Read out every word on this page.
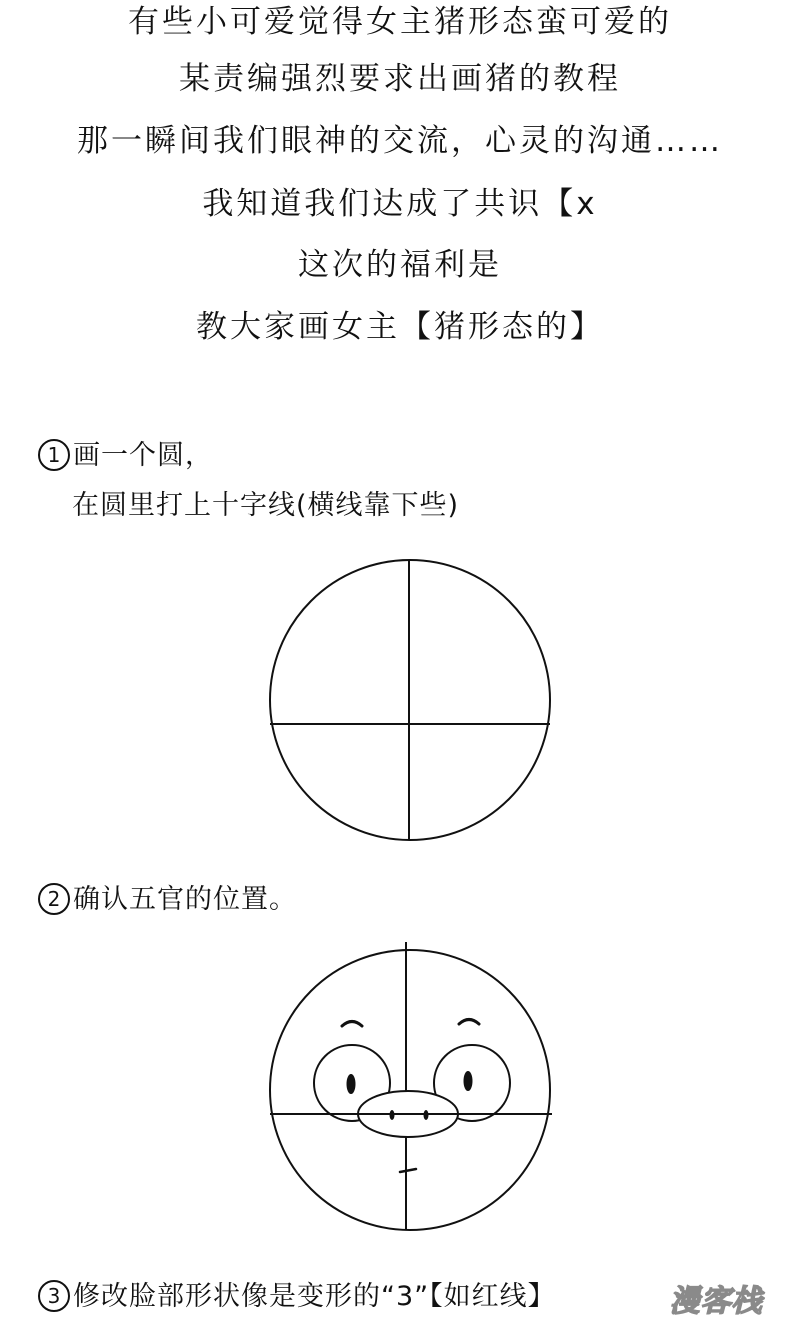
有些小可爱觉得女主猪形态蛮可爱的
某责编强烈要求出画猪的教程
那一瞬间我们眼神的交流，心灵的沟通……
我知道我们达成了共识【x
这次的福利是
教大家画女主【猪形态的】
1 画一个圆，
在圆里打上十字线(横线靠下些)
2 确认五官的位置。
3 修改脸部形状像是变形的“3”【如红线】	漫客栈
